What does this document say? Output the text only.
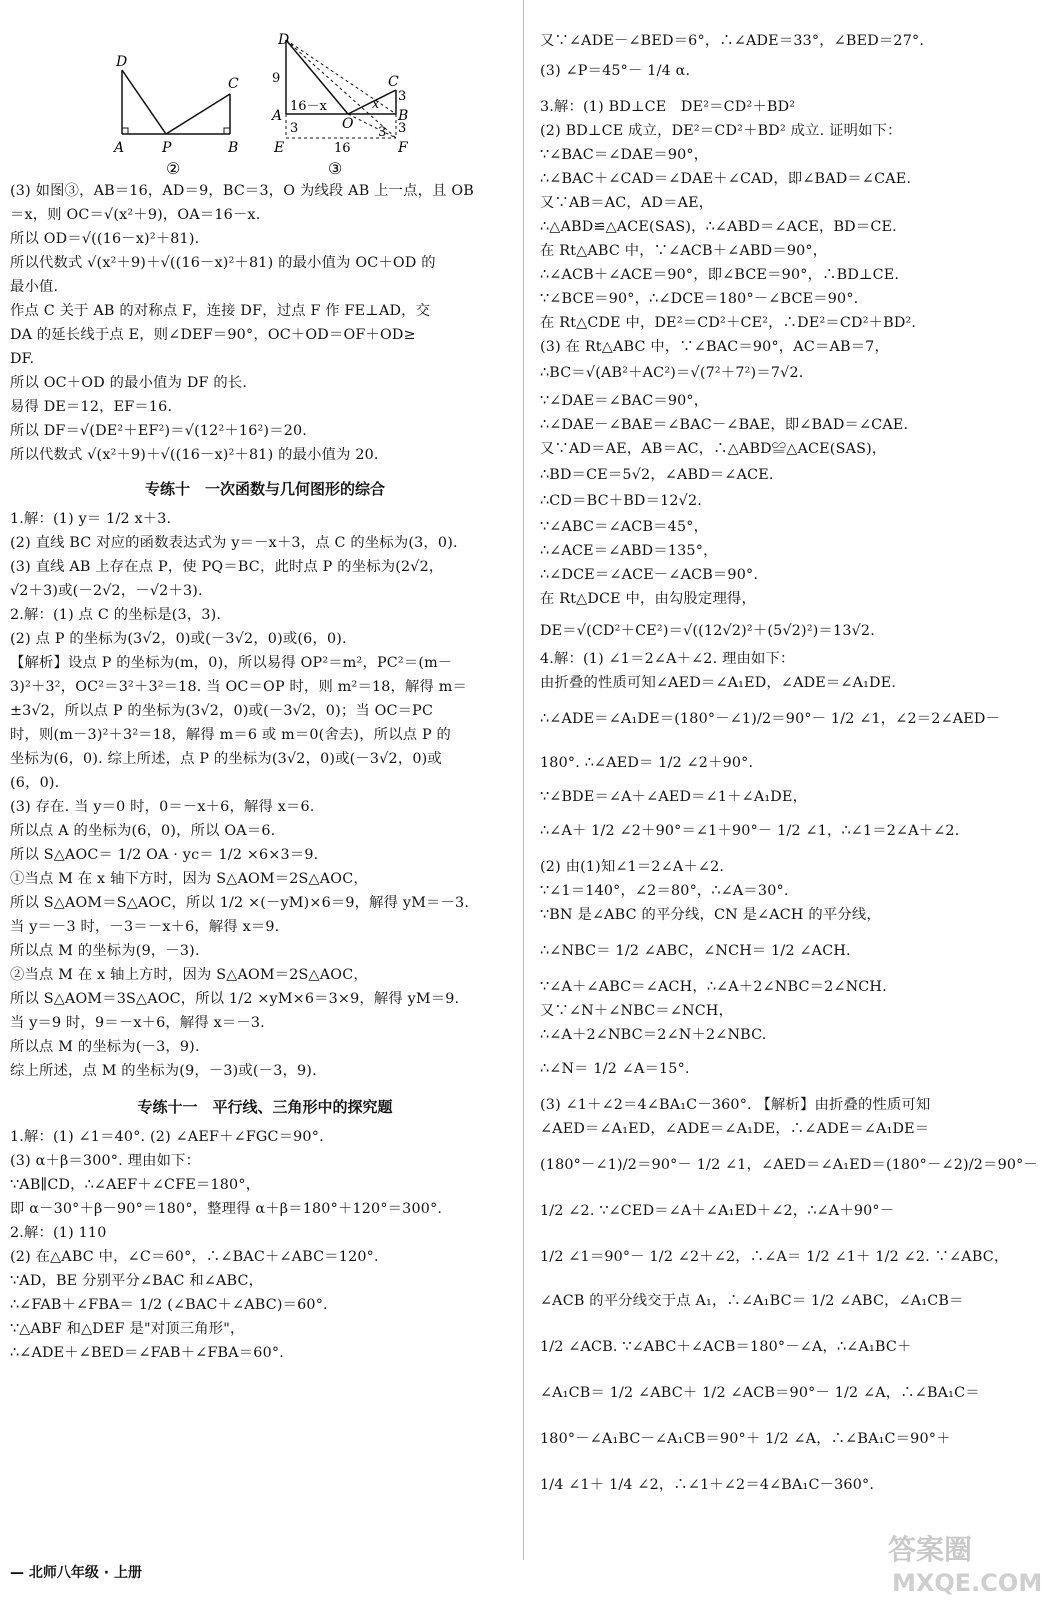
D
A	P
C
B
②
D
A	O
C
B
E	F
9
16－x	x
3
3	3
16
3
③
(3) 如图③，AB＝16，AD＝9，BC＝3，O 为线段 AB 上一点，且 OB
＝x，则 OC＝√(x²＋9)，OA＝16－x.
所以 OD＝√((16－x)²＋81).
所以代数式 √(x²＋9)＋√((16－x)²＋81) 的最小值为 OC＋OD 的
最小值.
作点 C 关于 AB 的对称点 F，连接 DF，过点 F 作 FE⊥AD，交
DA 的延长线于点 E，则∠DEF＝90°，OC＋OD＝OF＋OD≥
DF.
所以 OC＋OD 的最小值为 DF 的长.
易得 DE＝12，EF＝16.
所以 DF＝√(DE²＋EF²)＝√(12²＋16²)＝20.
所以代数式 √(x²＋9)＋√((16－x)²＋81) 的最小值为 20.
专练十　一次函数与几何图形的综合
1.解：(1) y＝ 1/2 x＋3.
(2) 直线 BC 对应的函数表达式为 y＝－x＋3，点 C 的坐标为(3，0).
(3) 直线 AB 上存在点 P，使 PQ＝BC，此时点 P 的坐标为(2√2，
√2＋3)或(－2√2，－√2＋3).
2.解：(1) 点 C 的坐标是(3，3).
(2) 点 P 的坐标为(3√2，0)或(－3√2，0)或(6，0).
【解析】设点 P 的坐标为(m，0)，所以易得 OP²＝m²，PC²＝(m－
3)²＋3²，OC²＝3²＋3²＝18. 当 OC＝OP 时，则 m²＝18，解得 m＝
±3√2，所以点 P 的坐标为(3√2，0)或(－3√2，0)；当 OC＝PC
时，则(m－3)²＋3²＝18，解得 m＝6 或 m＝0(舍去)，所以点 P 的
坐标为(6，0). 综上所述，点 P 的坐标为(3√2，0)或(－3√2，0)或
(6，0).
(3) 存在. 当 y＝0 时，0＝－x＋6，解得 x＝6.
所以点 A 的坐标为(6，0)，所以 OA＝6.
所以 S△AOC＝ 1/2 OA · yc＝ 1/2 ×6×3＝9.
①当点 M 在 x 轴下方时，因为 S△AOM＝2S△AOC，
所以 S△AOM＝S△AOC，所以 1/2 ×(－yM)×6＝9，解得 yM＝－3.
当 y＝－3 时，－3＝－x＋6，解得 x＝9.
所以点 M 的坐标为(9，－3).
②当点 M 在 x 轴上方时，因为 S△AOM＝2S△AOC，
所以 S△AOM＝3S△AOC，所以 1/2 ×yM×6＝3×9，解得 yM＝9.
当 y＝9 时，9＝－x＋6，解得 x＝－3.
所以点 M 的坐标为(－3，9).
综上所述，点 M 的坐标为(9，－3)或(－3，9).
专练十一　平行线、三角形中的探究题
1.解：(1) ∠1＝40°. (2) ∠AEF＋∠FGC＝90°.
(3) α＋β＝300°. 理由如下：
∵AB∥CD，∴∠AEF＋∠CFE＝180°，
即 α－30°＋β－90°＝180°，整理得 α＋β＝180°＋120°＝300°.
2.解：(1) 110
(2) 在△ABC 中，∠C＝60°，∴∠BAC＋∠ABC＝120°.
∵AD，BE 分别平分∠BAC 和∠ABC，
∴∠FAB＋∠FBA＝ 1/2 (∠BAC＋∠ABC)＝60°.
∵△ABF 和△DEF 是"对顶三角形"，
∴∠ADE＋∠BED＝∠FAB＋∠FBA＝60°.
又∵∠ADE－∠BED＝6°，∴∠ADE＝33°，∠BED＝27°.
(3) ∠P＝45°－ 1/4 α.
3.解：(1) BD⊥CE　DE²＝CD²＋BD²
(2) BD⊥CE 成立，DE²＝CD²＋BD² 成立. 证明如下：
∵∠BAC＝∠DAE＝90°，
∴∠BAC＋∠CAD＝∠DAE＋∠CAD，即∠BAD＝∠CAE.
又∵AB＝AC，AD＝AE，
∴△ABD≌△ACE(SAS)，∴∠ABD＝∠ACE，BD＝CE.
在 Rt△ABC 中，∵∠ACB＋∠ABD＝90°，
∴∠ACB＋∠ACE＝90°，即∠BCE＝90°，∴BD⊥CE.
∵∠BCE＝90°，∴∠DCE＝180°－∠BCE＝90°.
在 Rt△CDE 中，DE²＝CD²＋CE²，∴DE²＝CD²＋BD².
(3) 在 Rt△ABC 中，∵∠BAC＝90°，AC＝AB＝7，
∴BC＝√(AB²＋AC²)＝√(7²＋7²)＝7√2.
∵∠DAE＝∠BAC＝90°，
∴∠DAE－∠BAE＝∠BAC－∠BAE，即∠BAD＝∠CAE.
又∵AD＝AE，AB＝AC，∴△ABD≌△ACE(SAS)，
∴BD＝CE＝5√2，∠ABD＝∠ACE.
∴CD＝BC＋BD＝12√2.
∵∠ABC＝∠ACB＝45°，
∴∠ACE＝∠ABD＝135°，
∴∠DCE＝∠ACE－∠ACB＝90°.
在 Rt△DCE 中，由勾股定理得，
DE＝√(CD²＋CE²)＝√((12√2)²＋(5√2)²)＝13√2.
4.解：(1) ∠1＝2∠A＋∠2. 理由如下：
由折叠的性质可知∠AED＝∠A₁ED，∠ADE＝∠A₁DE.
∴∠ADE＝∠A₁DE＝(180°－∠1)/2＝90°－ 1/2 ∠1，∠2＝2∠AED－
180°. ∴∠AED＝ 1/2 ∠2＋90°.
∵∠BDE＝∠A＋∠AED＝∠1＋∠A₁DE，
∴∠A＋ 1/2 ∠2＋90°＝∠1＋90°－ 1/2 ∠1，∴∠1＝2∠A＋∠2.
(2) 由(1)知∠1＝2∠A＋∠2.
∵∠1＝140°，∠2＝80°，∴∠A＝30°.
∵BN 是∠ABC 的平分线，CN 是∠ACH 的平分线，
∴∠NBC＝ 1/2 ∠ABC，∠NCH＝ 1/2 ∠ACH.
∵∠A＋∠ABC＝∠ACH，∴∠A＋2∠NBC＝2∠NCH.
又∵∠N＋∠NBC＝∠NCH，
∴∠A＋2∠NBC＝2∠N＋2∠NBC.
∴∠N＝ 1/2 ∠A＝15°.
(3) ∠1＋∠2＝4∠BA₁C－360°. 【解析】由折叠的性质可知
∠AED＝∠A₁ED，∠ADE＝∠A₁DE，∴∠ADE＝∠A₁DE＝
(180°－∠1)/2＝90°－ 1/2 ∠1，∠AED＝∠A₁ED＝(180°－∠2)/2＝90°－
1/2 ∠2. ∵∠CED＝∠A＋∠A₁ED＋∠2，∴∠A＋90°－
1/2 ∠1＝90°－ 1/2 ∠2＋∠2，∴∠A＝ 1/2 ∠1＋ 1/2 ∠2. ∵∠ABC，
∠ACB 的平分线交于点 A₁，∴∠A₁BC＝ 1/2 ∠ABC，∠A₁CB＝
1/2 ∠ACB. ∵∠ABC＋∠ACB＝180°－∠A，∴∠A₁BC＋
∠A₁CB＝ 1/2 ∠ABC＋ 1/2 ∠ACB＝90°－ 1/2 ∠A，∴∠BA₁C＝
180°－∠A₁BC－∠A₁CB＝90°＋ 1/2 ∠A，∴∠BA₁C＝90°＋
1/4 ∠1＋ 1/4 ∠2，∴∠1＋∠2＝4∠BA₁C－360°.
— 北师八年级 · 上册
答案圈
MXQE.COM
